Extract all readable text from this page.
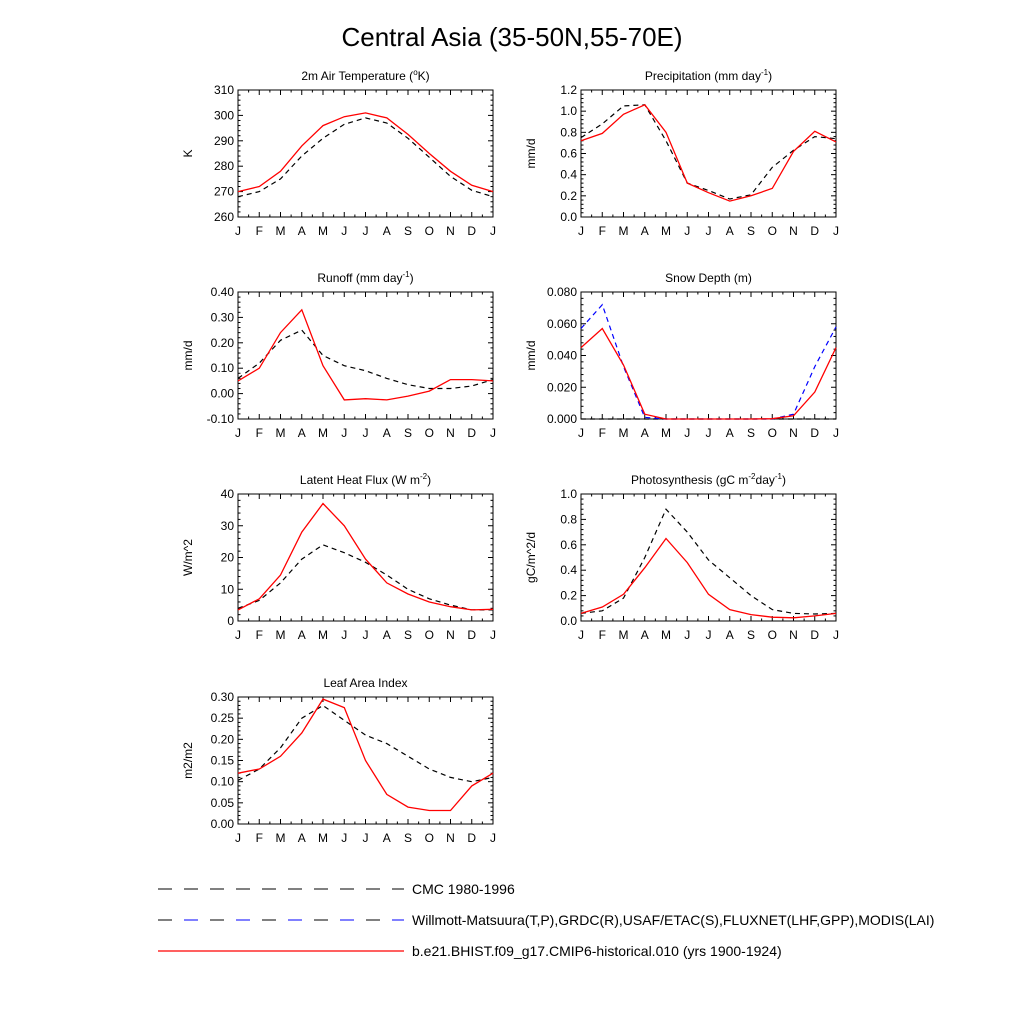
Central Asia (35-50N,55-70E)
J F M A M J J A S O N D J
260
270
280
290
300
310
K
2m Air Temperature ($^o$K)
J F M A M J J A S O N D J
0.0
0.2
0.4
0.6
0.8
1.0
1.2
mm/d
Precipitation (mm day$^{-1}$)
J F M A M J J A S O N D J
-0.10
0.00
0.10
0.20
0.30
0.40
mm/d
Runoff (mm day$^{-1}$)
J F M A M J J A S O N D J
0.000
0.020
0.040
0.060
0.080
mm/d
Snow Depth (m)
J F M A M J J A S O N D J
0
10
20
30
40
W/m^2
Latent Heat Flux (W $m^{-2}$)
J F M A M J J A S O N D J
0.0
0.2
0.4
0.6
0.8
1.0
gC/m^2/d
Photosynthesis (gC $m^{-2}day^{-1}$)
J F M A M J J A S O N D J
0.00
0.05
0.10
0.15
0.20
0.25
0.30
m2/m2
Leaf Area Index
CMC 1980-1996
Willmott-Matsuura(T,P),GRDC(R),USAF/ETAC(S),FLUXNET(LHF,GPP),MODIS(LAI)
b.e21.BHIST.f09_g17.CMIP6-historical.010 (yrs 1900-1924)
